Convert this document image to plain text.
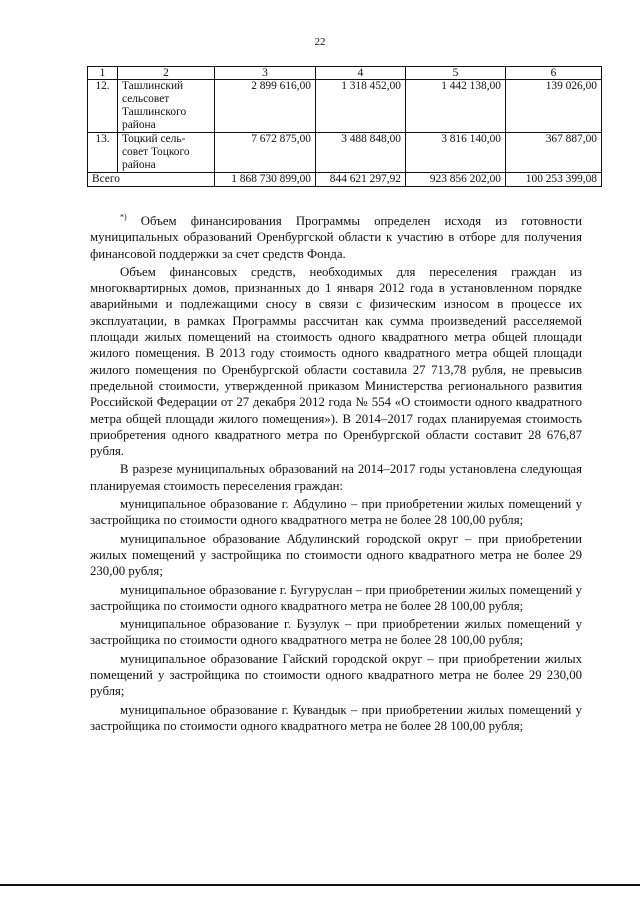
22
1	2	3	4	5	6
12.	Ташлинский сельсовет Ташлинского района	2 899 616,00	1 318 452,00	1 442 138,00	139 026,00
13.	Тоцкий сель-совет Тоцкого района	7 672 875,00	3 488 848,00	3 816 140,00	367 887,00
Всего		1 868 730 899,00	844 621 297,92	923 856 202,00	100 253 399,08

*) Объем финансирования Программы определен исходя из готовности муниципальных образований Оренбургской области к участию в отборе для получения финансовой поддержки за счет средств Фонда.

Объем финансовых средств, необходимых для переселения граждан из многоквартирных домов, признанных до 1 января 2012 года в установленном порядке аварийными и подлежащими сносу в связи с физическим износом в процессе их эксплуатации, в рамках Программы рассчитан как сумма произведений расселяемой площади жилых помещений на стоимость одного квадратного метра общей площади жилого помещения. В 2013 году стоимость одного квадратного метра общей площади жилого помещения по Оренбургской области составила 27 713,78 рубля, не превысив предельной стоимости, утвержденной приказом Министерства регионального развития Российской Федерации от 27 декабря 2012 года № 554 «О стоимости одного квадратного метра общей площади жилого помещения»). В 2014–2017 годах планируемая стоимость приобретения одного квадратного метра по Оренбургской области составит 28 676,87 рубля.

В разрезе муниципальных образований на 2014–2017 годы установлена следующая планируемая стоимость переселения граждан:

муниципальное образование г. Абдулино – при приобретении жилых помещений у застройщика по стоимости одного квадратного метра не более 28 100,00 рубля;

муниципальное образование Абдулинский городской округ – при приобретении жилых помещений у застройщика по стоимости одного квадратного метра не более 29 230,00 рубля;

муниципальное образование г. Бугуруслан – при приобретении жилых помещений у застройщика по стоимости одного квадратного метра не более 28 100,00 рубля;

муниципальное образование г. Бузулук – при приобретении жилых помещений у застройщика по стоимости одного квадратного метра не более 28 100,00 рубля;

муниципальное образование Гайский городской округ – при приобретении жилых помещений у застройщика по стоимости одного квадратного метра не более 29 230,00 рубля;

муниципальное образование г. Кувандык – при приобретении жилых помещений у застройщика по стоимости одного квадратного метра не более 28 100,00 рубля;
